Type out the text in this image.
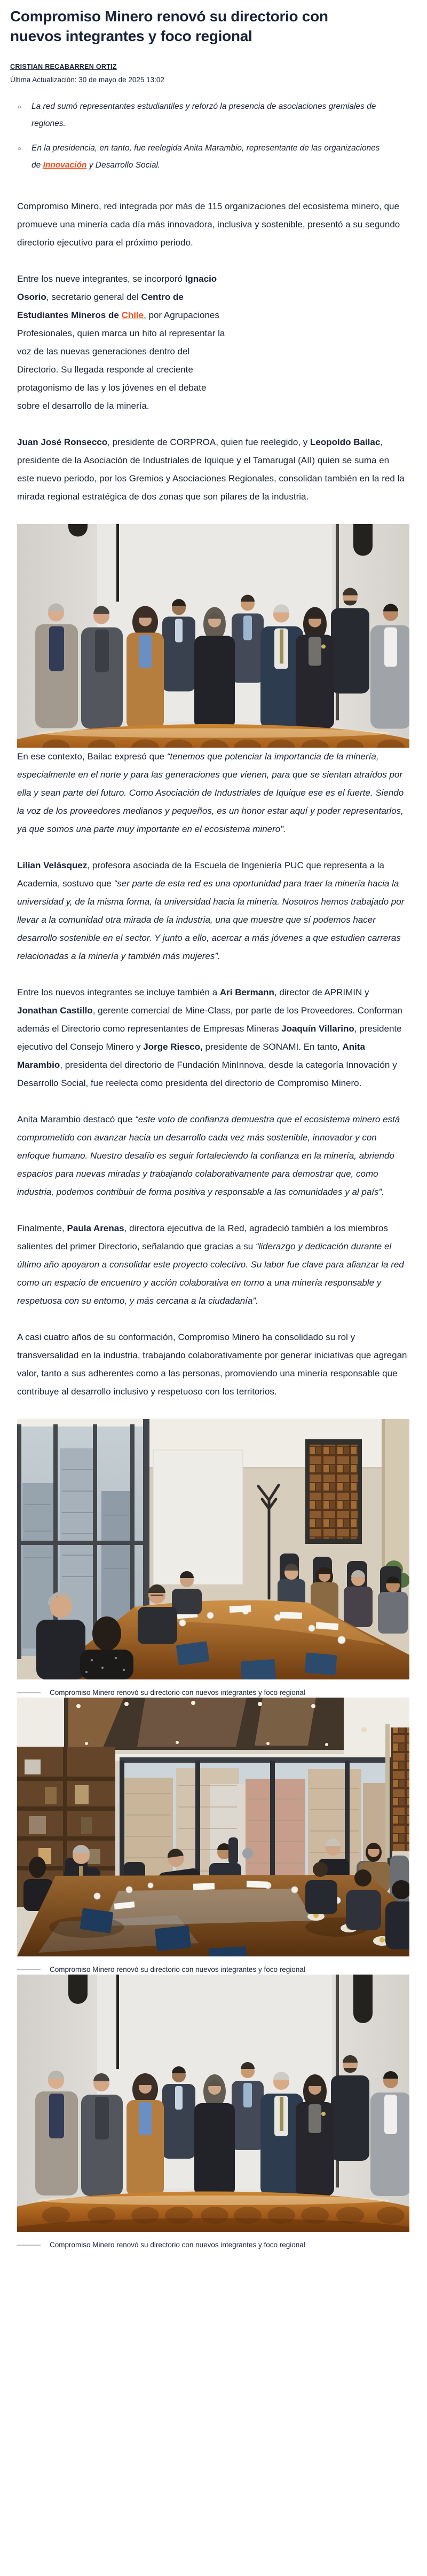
Compromiso Minero renovó su directorio con nuevos integrantes y foco regional
CRISTIAN RECABARREN ORTIZ
Última Actualización: 30 de mayo de 2025 13:02
○ La red sumó representantes estudiantiles y reforzó la presencia de asociaciones gremiales de regiones.
○ En la presidencia, en tanto, fue reelegida Anita Marambio, representante de las organizaciones de Innovación y Desarrollo Social.

Compromiso Minero, red integrada por más de 115 organizaciones del ecosistema minero, que promueve una minería cada día más innovadora, inclusiva y sostenible, presentó a su segundo directorio ejecutivo para el próximo periodo.

Entre los nueve integrantes, se incorporó Ignacio Osorio, secretario general del Centro de Estudiantes Mineros de Chile, por Agrupaciones Profesionales, quien marca un hito al representar la voz de las nuevas generaciones dentro del Directorio. Su llegada responde al creciente protagonismo de las y los jóvenes en el debate sobre el desarrollo de la minería.

Juan José Ronsecco, presidente de CORPROA, quien fue reelegido, y Leopoldo Bailac, presidente de la Asociación de Industriales de Iquique y el Tamarugal (AII) quien se suma en este nuevo periodo, por los Gremios y Asociaciones Regionales, consolidan también en la red la mirada regional estratégica de dos zonas que son pilares de la industria.

En ese contexto, Bailac expresó que “tenemos que potenciar la importancia de la minería, especialmente en el norte y para las generaciones que vienen, para que se sientan atraídos por ella y sean parte del futuro. Como Asociación de Industriales de Iquique ese es el fuerte. Siendo la voz de los proveedores medianos y pequeños, es un honor estar aquí y poder representarlos, ya que somos una parte muy importante en el ecosistema minero”.

Lilian Velásquez, profesora asociada de la Escuela de Ingeniería PUC que representa a la Academia, sostuvo que “ser parte de esta red es una oportunidad para traer la minería hacia la universidad y, de la misma forma, la universidad hacia la minería. Nosotros hemos trabajado por llevar a la comunidad otra mirada de la industria, una que muestre que sí podemos hacer desarrollo sostenible en el sector. Y junto a ello, acercar a más jóvenes a que estudien carreras relacionadas a la minería y también más mujeres”.

Entre los nuevos integrantes se incluye también a Ari Bermann, director de APRIMIN y Jonathan Castillo, gerente comercial de Mine-Class, por parte de los Proveedores. Conforman además el Directorio como representantes de Empresas Mineras Joaquín Villarino, presidente ejecutivo del Consejo Minero y Jorge Riesco, presidente de SONAMI. En tanto, Anita Marambio, presidenta del directorio de Fundación MinInnova, desde la categoría Innovación y Desarrollo Social, fue reelecta como presidenta del directorio de Compromiso Minero.

Anita Marambio destacó que “este voto de confianza demuestra que el ecosistema minero está comprometido con avanzar hacia un desarrollo cada vez más sostenible, innovador y con enfoque humano. Nuestro desafío es seguir fortaleciendo la confianza en la minería, abriendo espacios para nuevas miradas y trabajando colaborativamente para demostrar que, como industria, podemos contribuir de forma positiva y responsable a las comunidades y al país”.

Finalmente, Paula Arenas, directora ejecutiva de la Red, agradeció también a los miembros salientes del primer Directorio, señalando que gracias a su “liderazgo y dedicación durante el último año apoyaron a consolidar este proyecto colectivo. Su labor fue clave para afianzar la red como un espacio de encuentro y acción colaborativa en torno a una minería responsable y respetuosa con su entorno, y más cercana a la ciudadanía”.

A casi cuatro años de su conformación, Compromiso Minero ha consolidado su rol y transversalidad en la industria, trabajando colaborativamente por generar iniciativas que agregan valor, tanto a sus adherentes como a las personas, promoviendo una minería responsable que contribuye al desarrollo inclusivo y respetuoso con los territorios.

Compromiso Minero renovó su directorio con nuevos integrantes y foco regional
Compromiso Minero renovó su directorio con nuevos integrantes y foco regional
Compromiso Minero renovó su directorio con nuevos integrantes y foco regional
